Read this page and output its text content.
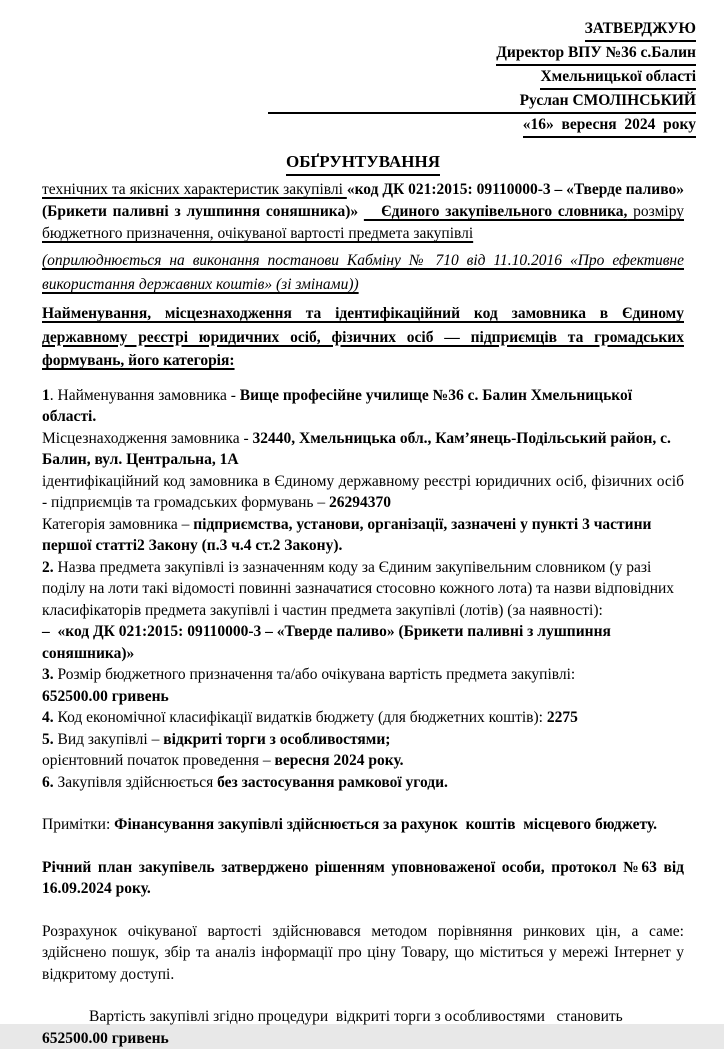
ЗАТВЕРДЖУЮ
Директор ВПУ №36 с.Балин
Хмельницької області
Руслан СМОЛІНСЬКИЙ
«16»  вересня  2024  року
ОБҐРУНТУВАННЯ

технічних та якісних характеристик закупівлі «код ДК 021:2015: 09110000-3 – «Тверде паливо» (Брикети паливні з лушпиння соняшника)»    Єдиного закупівельного словника, розміру бюджетного призначення, очікуваної вартості предмета закупівлі

(оприлюднюється на виконання постанови Кабміну № 710 від 11.10.2016 «Про ефективне використання державних коштів» (зі змінами))

Найменування, місцезнаходження та ідентифікаційний код замовника в Єдиному державному реєстрі юридичних осіб, фізичних осіб — підприємців та громадських формувань, його категорія:

1. Найменування замовника - Вище професійне училище №36 с. Балин Хмельницької області.

Місцезнаходження замовника - 32440, Хмельницька обл., Кам’янець-Подільський район, с. Балин, вул. Центральна, 1А

ідентифікаційний код замовника в Єдиному державному реєстрі юридичних осіб, фізичних осіб - підприємців та громадських формувань – 26294370

Категорія замовника – підприємства, установи, організації, зазначені у пункті 3 частини першої статті2 Закону (п.3 ч.4 ст.2 Закону).

2. Назва предмета закупівлі із зазначенням коду за Єдиним закупівельним словником (у разі поділу на лоти такі відомості повинні зазначатися стосовно кожного лота) та назви відповідних класифікаторів предмета закупівлі і частин предмета закупівлі (лотів) (за наявності):

–  «код ДК 021:2015: 09110000-3 – «Тверде паливо» (Брикети паливні з лушпиння соняшника)»

3. Розмір бюджетного призначення та/або очікувана вартість предмета закупівлі:

652500.00 гривень

4. Код економічної класифікації видатків бюджету (для бюджетних коштів): 2275

5. Вид закупівлі – відкриті торги з особливостями;

орієнтовний початок проведення – вересня 2024 року.

6. Закупівля здійснюється без застосування рамкової угоди.

Примітки: Фінансування закупівлі здійснюється за рахунок  коштів  місцевого бюджету.

Річний план закупівель затверджено рішенням уповноваженої особи, протокол №63 від 16.09.2024 року.

Розрахунок очікуваної вартості здійснювався методом порівняння ринкових цін, а саме: здійснено пошук, збір та аналіз інформації про ціну Товару, що міститься у мережі Інтернет у відкритому доступі.

Вартість закупівлі згідно процедури  відкриті торги з особливостями   становить

652500.00 гривень
